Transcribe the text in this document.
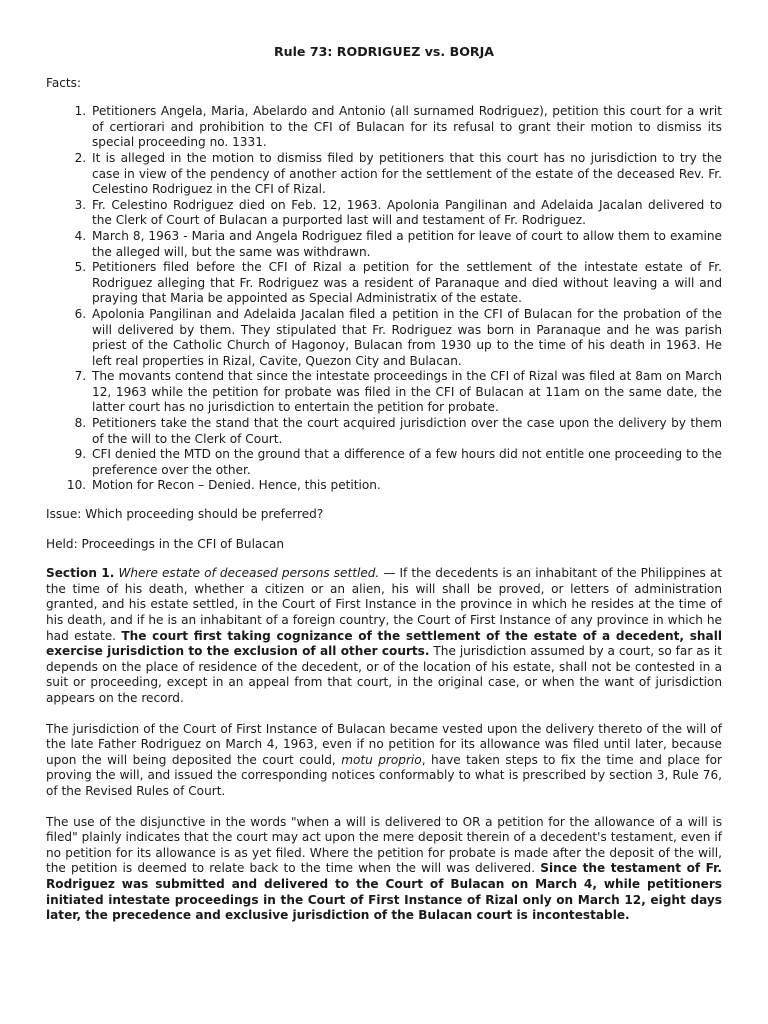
Rule 73: RODRIGUEZ vs. BORJA

Facts:

1. Petitioners Angela, Maria, Abelardo and Antonio (all surnamed Rodriguez), petition this court for a writ of certiorari and prohibition to the CFI of Bulacan for its refusal to grant their motion to dismiss its special proceeding no. 1331.
2. It is alleged in the motion to dismiss filed by petitioners that this court has no jurisdiction to try the case in view of the pendency of another action for the settlement of the estate of the deceased Rev. Fr. Celestino Rodriguez in the CFI of Rizal.
3. Fr. Celestino Rodriguez died on Feb. 12, 1963. Apolonia Pangilinan and Adelaida Jacalan delivered to the Clerk of Court of Bulacan a purported last will and testament of Fr. Rodriguez.
4. March 8, 1963 - Maria and Angela Rodriguez filed a petition for leave of court to allow them to examine the alleged will, but the same was withdrawn.
5. Petitioners filed before the CFI of Rizal a petition for the settlement of the intestate estate of Fr. Rodriguez alleging that Fr. Rodriguez was a resident of Paranaque and died without leaving a will and praying that Maria be appointed as Special Administratix of the estate.
6. Apolonia Pangilinan and Adelaida Jacalan filed a petition in the CFI of Bulacan for the probation of the will delivered by them. They stipulated that Fr. Rodriguez was born in Paranaque and he was parish priest of the Catholic Church of Hagonoy, Bulacan from 1930 up to the time of his death in 1963. He left real properties in Rizal, Cavite, Quezon City and Bulacan.
7. The movants contend that since the intestate proceedings in the CFI of Rizal was filed at 8am on March 12, 1963 while the petition for probate was filed in the CFI of Bulacan at 11am on the same date, the latter court has no jurisdiction to entertain the petition for probate.
8. Petitioners take the stand that the court acquired jurisdiction over the case upon the delivery by them of the will to the Clerk of Court.
9. CFI denied the MTD on the ground that a difference of a few hours did not entitle one proceeding to the preference over the other.
10. Motion for Recon – Denied. Hence, this petition.

Issue: Which proceeding should be preferred?

Held: Proceedings in the CFI of Bulacan

Section 1. Where estate of deceased persons settled. — If the decedents is an inhabitant of the Philippines at the time of his death, whether a citizen or an alien, his will shall be proved, or letters of administration granted, and his estate settled, in the Court of First Instance in the province in which he resides at the time of his death, and if he is an inhabitant of a foreign country, the Court of First Instance of any province in which he had estate. The court first taking cognizance of the settlement of the estate of a decedent, shall exercise jurisdiction to the exclusion of all other courts. The jurisdiction assumed by a court, so far as it depends on the place of residence of the decedent, or of the location of his estate, shall not be contested in a suit or proceeding, except in an appeal from that court, in the original case, or when the want of jurisdiction appears on the record.

The jurisdiction of the Court of First Instance of Bulacan became vested upon the delivery thereto of the will of the late Father Rodriguez on March 4, 1963, even if no petition for its allowance was filed until later, because upon the will being deposited the court could, motu proprio, have taken steps to fix the time and place for proving the will, and issued the corresponding notices conformably to what is prescribed by section 3, Rule 76, of the Revised Rules of Court.

The use of the disjunctive in the words "when a will is delivered to OR a petition for the allowance of a will is filed" plainly indicates that the court may act upon the mere deposit therein of a decedent's testament, even if no petition for its allowance is as yet filed. Where the petition for probate is made after the deposit of the will, the petition is deemed to relate back to the time when the will was delivered. Since the testament of Fr. Rodriguez was submitted and delivered to the Court of Bulacan on March 4, while petitioners initiated intestate proceedings in the Court of First Instance of Rizal only on March 12, eight days later, the precedence and exclusive jurisdiction of the Bulacan court is incontestable.
